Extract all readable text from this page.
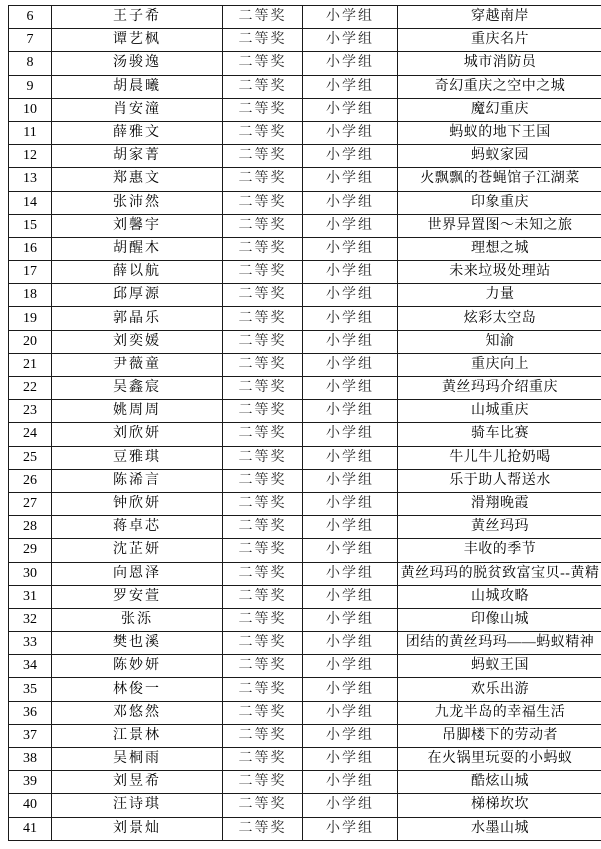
6	王子希	二等奖	小学组	穿越南岸
7	谭艺枫	二等奖	小学组	重庆名片
8	汤骏逸	二等奖	小学组	城市消防员
9	胡晨曦	二等奖	小学组	奇幻重庆之空中之城
10	肖安潼	二等奖	小学组	魔幻重庆
11	薛雅文	二等奖	小学组	蚂蚁的地下王国
12	胡家菁	二等奖	小学组	蚂蚁家园
13	郑惠文	二等奖	小学组	火飘飘的苍蝇馆子江湖菜
14	张沛然	二等奖	小学组	印象重庆
15	刘馨宇	二等奖	小学组	世界异置图～未知之旅
16	胡醒木	二等奖	小学组	理想之城
17	薛以航	二等奖	小学组	未来垃圾处理站
18	邱厚源	二等奖	小学组	力量
19	郭晶乐	二等奖	小学组	炫彩太空岛
20	刘奕媛	二等奖	小学组	知渝
21	尹薇童	二等奖	小学组	重庆向上
22	吴鑫宸	二等奖	小学组	黄丝玛玛介绍重庆
23	姚周周	二等奖	小学组	山城重庆
24	刘欣妍	二等奖	小学组	骑车比赛
25	豆雅琪	二等奖	小学组	牛儿牛儿抢奶喝
26	陈浠言	二等奖	小学组	乐于助人帮送水
27	钟欣妍	二等奖	小学组	滑翔晚霞
28	蒋卓芯	二等奖	小学组	黄丝玛玛
29	沈芷妍	二等奖	小学组	丰收的季节
30	向恩泽	二等奖	小学组	黄丝玛玛的脱贫致富宝贝--黄精
31	罗安萱	二等奖	小学组	山城攻略
32	张泺	二等奖	小学组	印像山城
33	樊也溪	二等奖	小学组	团结的黄丝玛玛——蚂蚁精神
34	陈妙妍	二等奖	小学组	蚂蚁王国
35	林俊一	二等奖	小学组	欢乐出游
36	邓悠然	二等奖	小学组	九龙半岛的幸福生活
37	江景林	二等奖	小学组	吊脚楼下的劳动者
38	吴桐雨	二等奖	小学组	在火锅里玩耍的小蚂蚁
39	刘昱希	二等奖	小学组	酷炫山城
40	汪诗琪	二等奖	小学组	梯梯坎坎
41	刘景灿	二等奖	小学组	水墨山城
